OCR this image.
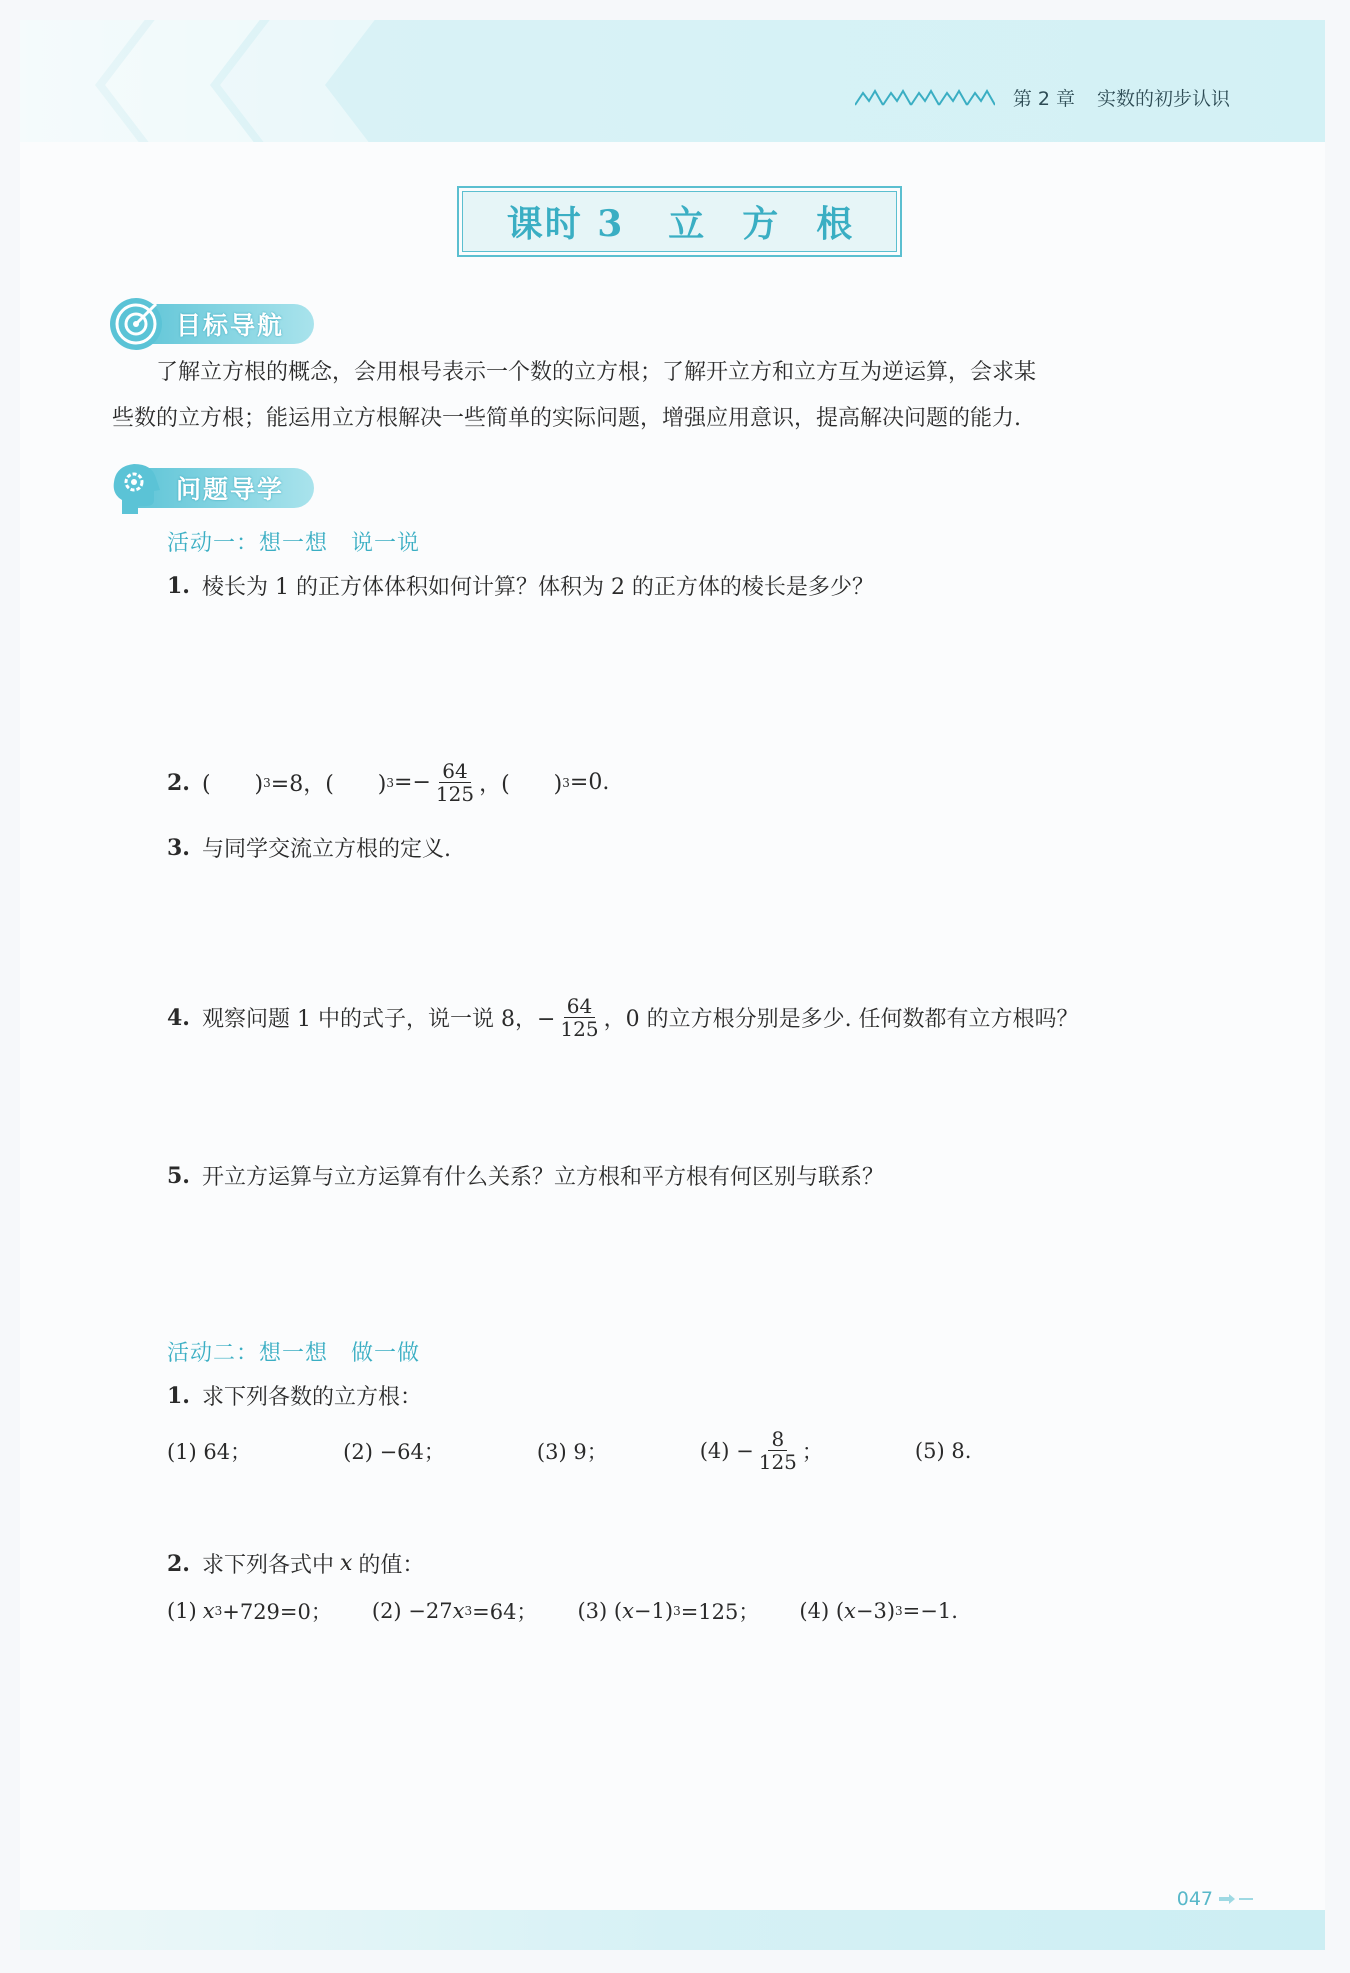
第 2 章 实数的初步认识
课时 3 立方根
目标导航
了解立方根的概念，会用根号表示一个数的立方根；了解开立方和立方互为逆运算，会求某
些数的立方根；能运用立方根解决一些简单的实际问题，增强应用意识，提高解决问题的能力.
问题导学
活动一：想一想　说一说
1. 棱长为 1 的正方体体积如何计算？体积为 2 的正方体的棱长是多少？
2. (　　) 3 =8，(　　) $3 =- \frac{64}{125}$ ，(　　) 3 =0.
3. 与同学交流立方根的定义.
4. 观察问题 1 中的式子，说一说 8，− $\frac{64}{125}$ ，0 的立方根分别是多少. 任何数都有立方根吗？
5. 开立方运算与立方运算有什么关系？立方根和平方根有何区别与联系？
活动二：想一想　做一做
1. 求下列各数的立方根：
(1) 64；	(2) −64；	(3) 9；	$(4) - \frac{8}{125}$ ；	(5) 8.
2. 求下列各式中 x 的值：
(1) x 3 +729=0； (2) −27 x 3 =64； (3) ( x −1) 3 =125； (4) ( x −3) 3 =−1.
047
